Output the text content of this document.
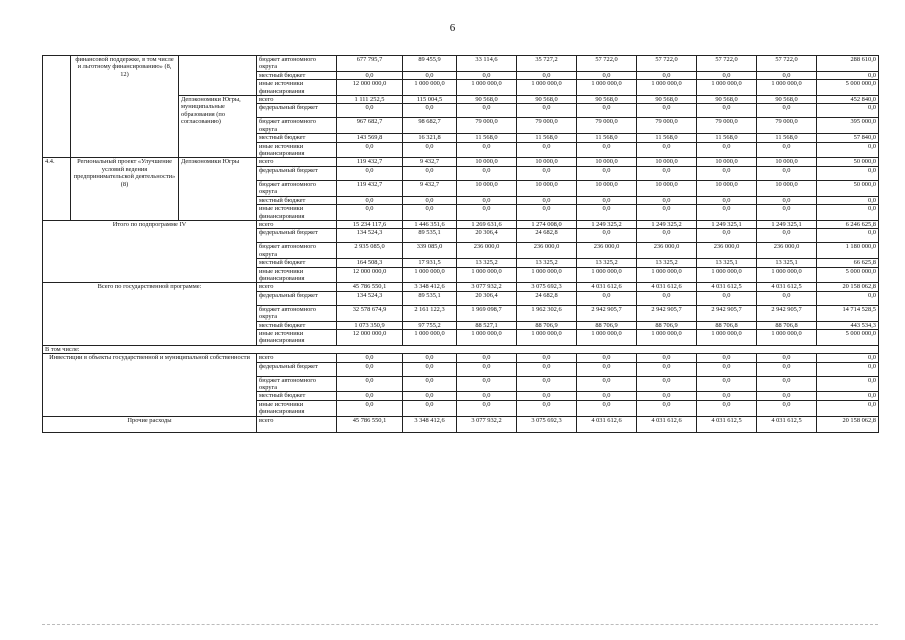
6
	финансовой поддержке, в том числе и льготному финансированию» (8, 12)		бюджет автономного округа	677 795,7	89 455,9	33 114,6	35 727,2	57 722,0	57 722,0	57 722,0	57 722,0	288 610,0
			местный бюджет	0,0	0,0	0,0	0,0	0,0	0,0	0,0	0,0	0,0
			иные источники финансирования	12 000 000,0	1 000 000,0	1 000 000,0	1 000 000,0	1 000 000,0	1 000 000,0	1 000 000,0	1 000 000,0	5 000 000,0
		Депэкономики Югры, муниципальные образования (по согласованию)	всего	1 111 252,5	115 004,5	90 568,0	90 568,0	90 568,0	90 568,0	90 568,0	90 568,0	452 840,0
			федеральный бюджет	0,0	0,0	0,0	0,0	0,0	0,0	0,0	0,0	0,0
			бюджет автономного округа	967 682,7	98 682,7	79 000,0	79 000,0	79 000,0	79 000,0	79 000,0	79 000,0	395 000,0
			местный бюджет	143 569,8	16 321,8	11 568,0	11 568,0	11 568,0	11 568,0	11 568,0	11 568,0	57 840,0
			иные источники финансирования	0,0	0,0	0,0	0,0	0,0	0,0	0,0	0,0	0,0
4.4.	Региональный проект «Улучшение условий ведения предпринимательской деятельности» (8)	Депэкономики Югры	всего	119 432,7	9 432,7	10 000,0	10 000,0	10 000,0	10 000,0	10 000,0	10 000,0	50 000,0
			федеральный бюджет	0,0	0,0	0,0	0,0	0,0	0,0	0,0	0,0	0,0
			бюджет автономного округа	119 432,7	9 432,7	10 000,0	10 000,0	10 000,0	10 000,0	10 000,0	10 000,0	50 000,0
			местный бюджет	0,0	0,0	0,0	0,0	0,0	0,0	0,0	0,0	0,0
			иные источники финансирования	0,0	0,0	0,0	0,0	0,0	0,0	0,0	0,0	0,0
Итого по подпрограмме IV			всего	15 234 117,6	1 446 351,6	1 269 631,6	1 274 008,0	1 249 325,2	1 249 325,2	1 249 325,1	1 249 325,1	6 246 625,8
			федеральный бюджет	134 524,3	89 535,1	20 306,4	24 682,8	0,0	0,0	0,0	0,0	0,0
			бюджет автономного округа	2 935 085,0	339 085,0	236 000,0	236 000,0	236 000,0	236 000,0	236 000,0	236 000,0	1 180 000,0
			местный бюджет	164 508,3	17 931,5	13 325,2	13 325,2	13 325,2	13 325,2	13 325,1	13 325,1	66 625,8
			иные источники финансирования	12 000 000,0	1 000 000,0	1 000 000,0	1 000 000,0	1 000 000,0	1 000 000,0	1 000 000,0	1 000 000,0	5 000 000,0
Всего по государственной программе:			всего	45 786 550,1	3 348 412,6	3 077 932,2	3 075 692,3	4 031 612,6	4 031 612,6	4 031 612,5	4 031 612,5	20 158 062,8
			федеральный бюджет	134 524,3	89 535,1	20 306,4	24 682,8	0,0	0,0	0,0	0,0	0,0
			бюджет автономного округа	32 578 674,9	2 161 122,3	1 969 098,7	1 962 302,6	2 942 905,7	2 942 905,7	2 942 905,7	2 942 905,7	14 714 528,5
			местный бюджет	1 073 350,9	97 755,2	88 527,1	88 706,9	88 706,9	88 706,9	88 706,8	88 706,8	443 534,3
			иные источники финансирования	12 000 000,0	1 000 000,0	1 000 000,0	1 000 000,0	1 000 000,0	1 000 000,0	1 000 000,0	1 000 000,0	5 000 000,0
В том числе:												
Инвестиции в объекты государственной и муниципальной собственности			всего	0,0	0,0	0,0	0,0	0,0	0,0	0,0	0,0	0,0
			федеральный бюджет	0,0	0,0	0,0	0,0	0,0	0,0	0,0	0,0	0,0
			бюджет автономного округа	0,0	0,0	0,0	0,0	0,0	0,0	0,0	0,0	0,0
			местный бюджет	0,0	0,0	0,0	0,0	0,0	0,0	0,0	0,0	0,0
			иные источники финансирования	0,0	0,0	0,0	0,0	0,0	0,0	0,0	0,0	0,0
Прочие расходы			всего	45 786 550,1	3 348 412,6	3 077 932,2	3 075 692,3	4 031 612,6	4 031 612,6	4 031 612,5	4 031 612,5	20 158 062,8
